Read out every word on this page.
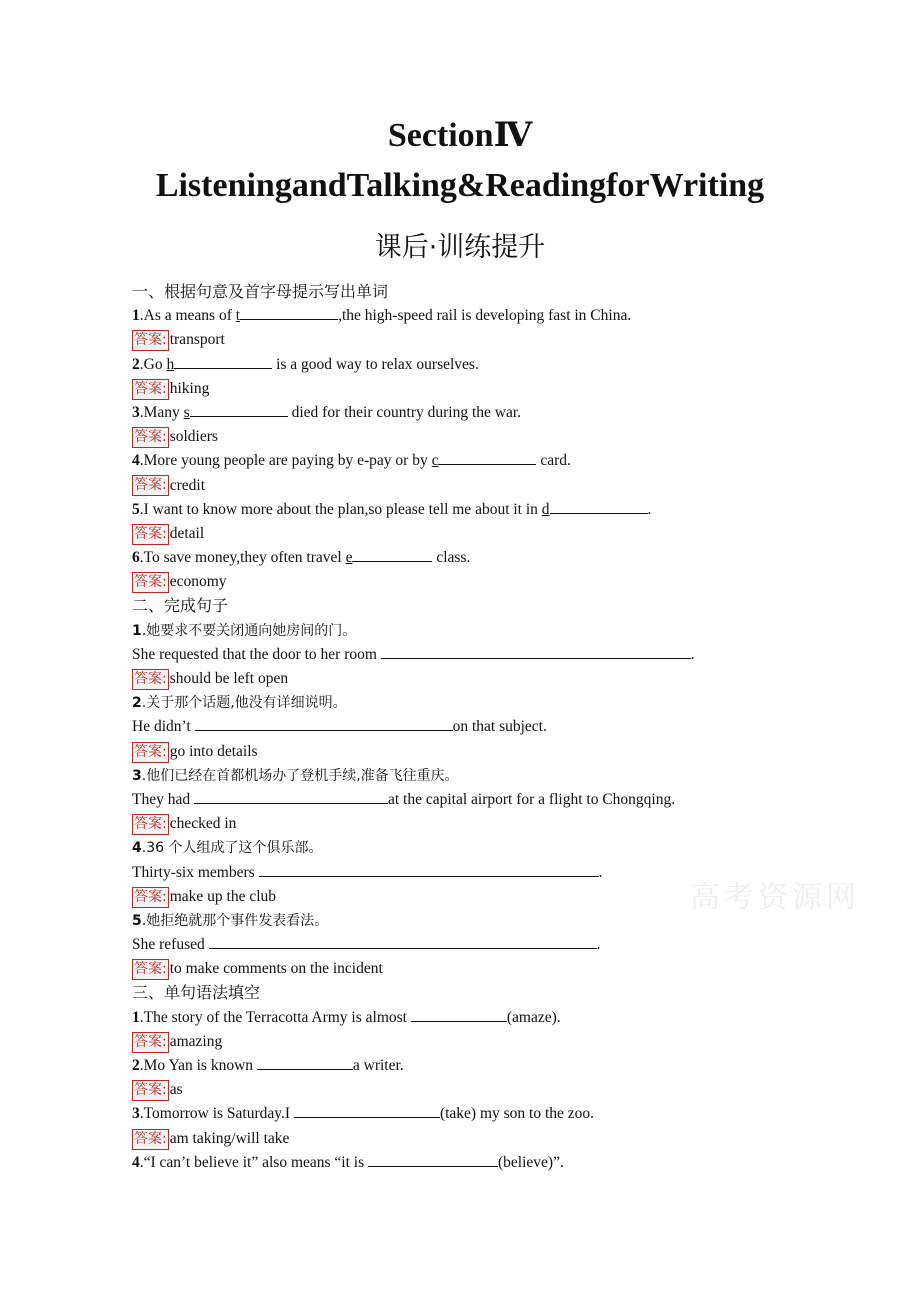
SectionⅣ
ListeningandTalking&ReadingforWriting
课后·训练提升
一、根据句意及首字母提示写出单词
1.As a means of t	,the high-speed rail is developing fast in China.
答案: transport
2.Go h	is a good way to relax ourselves.
答案: hiking
3.Many s	died for their country during the war.
答案: soldiers
4.More young people are paying by e-pay or by c	card.
答案: credit
5.I want to know more about the plan,so please tell me about it in d	.
答案: detail
6.To save money,they often travel e	class.
答案: economy
二、完成句子
1.她要求不要关闭通向她房间的门。
She requested that the door to her room	.
答案: should be left open
2.关于那个话题,他没有详细说明。
He didn’t	on that subject.
答案: go into details
3.他们已经在首都机场办了登机手续,准备飞往重庆。
They had	at the capital airport for a flight to Chongqing.
答案: checked in
4.36 个人组成了这个俱乐部。
Thirty-six members	.
答案: make up the club
5.她拒绝就那个事件发表看法。
She refused	.
答案: to make comments on the incident
三、单句语法填空
1.The story of the Terracotta Army is almost	(amaze).
答案: amazing
2.Mo Yan is known	a writer.
答案: as
3.Tomorrow is Saturday.I	(take) my son to the zoo.
答案: am taking/will take
4.“I can’t believe it” also means “it is	(believe)”.
高考资源网
